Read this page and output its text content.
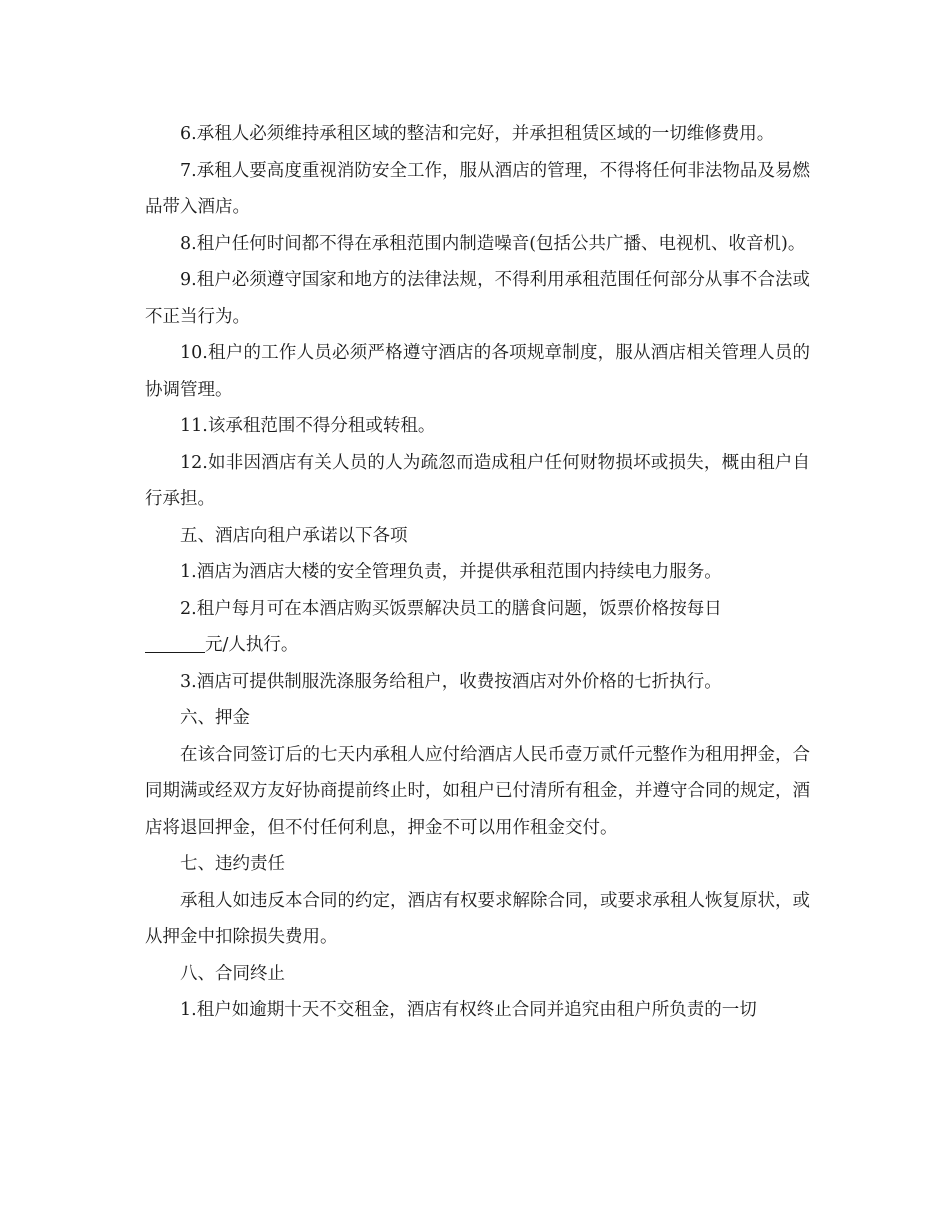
6.承租人必须维持承租区域的整洁和完好，并承担租赁区域的一切维修费用。

7.承租人要高度重视消防安全工作，服从酒店的管理，不得将任何非法物品及易燃品带入酒店。

8.租户任何时间都不得在承租范围内制造噪音(包括公共广播、电视机、收音机)。

9.租户必须遵守国家和地方的法律法规，不得利用承租范围任何部分从事不合法或不正当行为。

10.租户的工作人员必须严格遵守酒店的各项规章制度，服从酒店相关管理人员的协调管理。

11.该承租范围不得分租或转租。

12.如非因酒店有关人员的人为疏忽而造成租户任何财物损坏或损失，概由租户自行承担。

五、酒店向租户承诺以下各项

1.酒店为酒店大楼的安全管理负责，并提供承租范围内持续电力服务。

2.租户每月可在本酒店购买饭票解决员工的膳食问题，饭票价格按每日

元/人执行。

3.酒店可提供制服洗涤服务给租户，收费按酒店对外价格的七折执行。

六、押金

在该合同签订后的七天内承租人应付给酒店人民币壹万贰仟元整作为租用押金，合同期满或经双方友好协商提前终止时，如租户已付清所有租金，并遵守合同的规定，酒店将退回押金，但不付任何利息，押金不可以用作租金交付。

七、违约责任

承租人如违反本合同的约定，酒店有权要求解除合同，或要求承租人恢复原状，或从押金中扣除损失费用。

八、合同终止

1.租户如逾期十天不交租金，酒店有权终止合同并追究由租户所负责的一切
